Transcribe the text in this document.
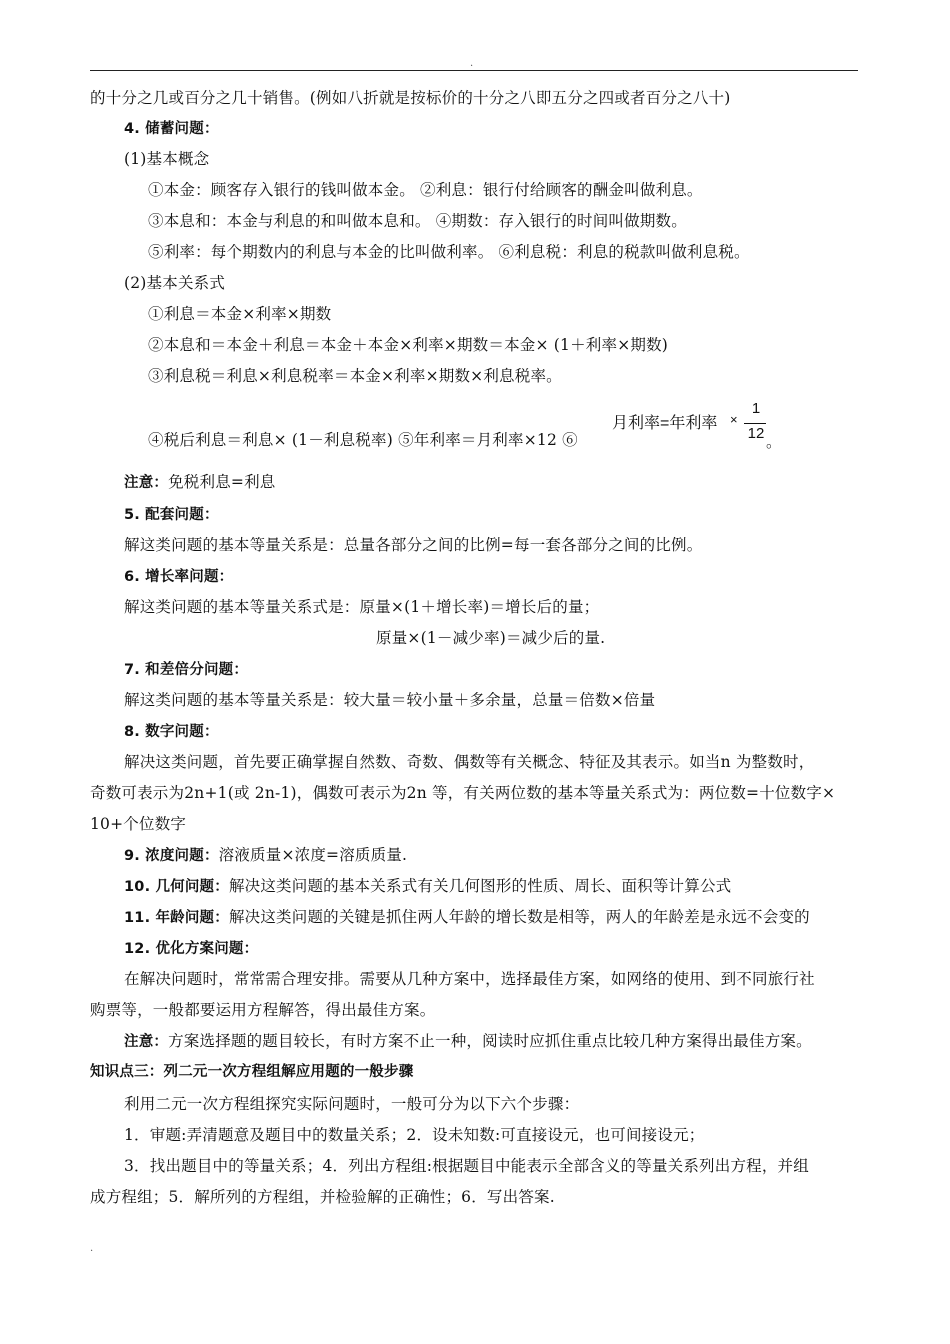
.
的十分之几或百分之几十销售。(例如八折就是按标价的十分之八即五分之四或者百分之八十)
4. 储蓄问题：
(1)基本概念
①本金：顾客存入银行的钱叫做本金。 ②利息：银行付给顾客的酬金叫做利息。
③本息和：本金与利息的和叫做本息和。 ④期数：存入银行的时间叫做期数。
⑤利率：每个期数内的利息与本金的比叫做利率。 ⑥利息税：利息的税款叫做利息税。
(2)基本关系式
①利息＝本金×利率×期数
②本息和＝本金＋利息＝本金＋本金×利率×期数＝本金× (1＋利率×期数)
③利息税＝利息×利息税率＝本金×利率×期数×利息税率。
④税后利息＝利息× (1－利息税率) ⑤年利率＝月利率×12 ⑥
月利率=年利率 ×
1
12 。
注意：免税利息=利息
5. 配套问题：
解这类问题的基本等量关系是：总量各部分之间的比例=每一套各部分之间的比例。
6. 增长率问题：
解这类问题的基本等量关系式是：原量×(1＋增长率)＝增长后的量；
原量×(1－减少率)＝减少后的量.
7. 和差倍分问题：
解这类问题的基本等量关系是：较大量＝较小量＋多余量，总量＝倍数×倍量
8. 数字问题：
解决这类问题，首先要正确掌握自然数、奇数、偶数等有关概念、特征及其表示。如当n 为整数时，
奇数可表示为2n+1(或 2n-1)，偶数可表示为2n 等，有关两位数的基本等量关系式为：两位数=十位数字×
10+个位数字
9. 浓度问题：溶液质量×浓度=溶质质量.
10. 几何问题：解决这类问题的基本关系式有关几何图形的性质、周长、面积等计算公式
11. 年龄问题：解决这类问题的关键是抓住两人年龄的增长数是相等，两人的年龄差是永远不会变的
12. 优化方案问题：
在解决问题时，常常需合理安排。需要从几种方案中，选择最佳方案，如网络的使用、到不同旅行社
购票等，一般都要运用方程解答，得出最佳方案。
注意：方案选择题的题目较长，有时方案不止一种，阅读时应抓住重点比较几种方案得出最佳方案。
知识点三：列二元一次方程组解应用题的一般步骤
利用二元一次方程组探究实际问题时，一般可分为以下六个步骤：
1．审题:弄清题意及题目中的数量关系；2．设未知数:可直接设元，也可间接设元；
3．找出题目中的等量关系；4．列出方程组:根据题目中能表示全部含义的等量关系列出方程，并组
成方程组；5．解所列的方程组，并检验解的正确性；6．写出答案.
.
